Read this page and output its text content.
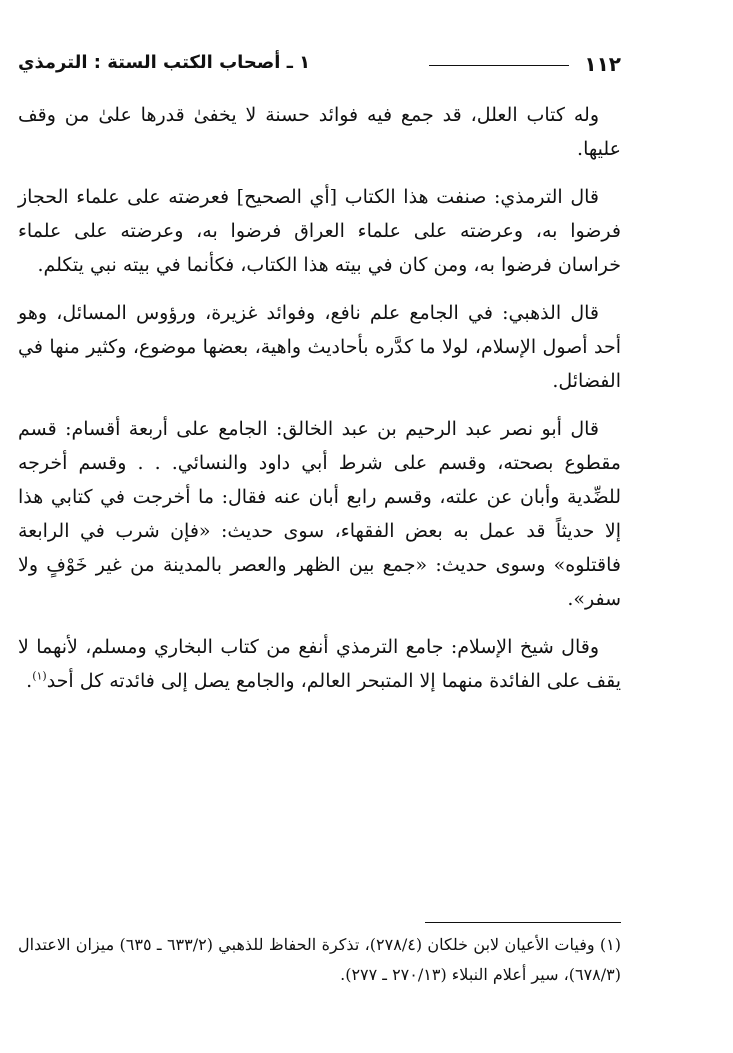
١١٢
١ ـ أصحاب الكتب الستة : الترمذي

وله كتاب العلل، قد جمع فيه فوائد حسنة لا يخفىٰ قدرها علىٰ من وقف عليها.

قال الترمذي: صنفت هذا الكتاب [أي الصحيح] فعرضته على علماء الحجاز فرضوا به، وعرضته على علماء العراق فرضوا به، وعرضته على علماء خراسان فرضوا به، ومن كان في بيته هذا الكتاب، فكأنما في بيته نبي يتكلم.

قال الذهبي: في الجامع علم نافع، وفوائد غزيرة، ورؤوس المسائل، وهو أحد أصول الإسلام، لولا ما كدَّره بأحاديث واهية، بعضها موضوع، وكثير منها في الفضائل.

قال أبو نصر عبد الرحيم بن عبد الخالق: الجامع على أربعة أقسام: قسم مقطوع بصحته، وقسم على شرط أبي داود والنسائي. . . وقسم أخرجه للضِّدية وأبان عن علته، وقسم رابع أبان عنه فقال: ما أخرجت في كتابي هذا إلا حديثاً قد عمل به بعض الفقهاء، سوى حديث: «فإن شرب في الرابعة فاقتلوه» وسوى حديث: «جمع بين الظهر والعصر بالمدينة من غير خَوْفٍ ولا سفر».

وقال شيخ الإسلام: جامع الترمذي أنفع من كتاب البخاري ومسلم، لأنهما لا يقف على الفائدة منهما إلا المتبحر العالم، والجامع يصل إلى فائدته كل أحد$^{(١)}$.

(١) وفيات الأعيان لابن خلكان (٢٧٨/٤)، تذكرة الحفاظ للذهبي (٦٣٣/٢ ـ ٦٣٥) ميزان الاعتدال (٦٧٨/٣)، سير أعلام النبلاء (٢٧٠/١٣ ـ ٢٧٧).
